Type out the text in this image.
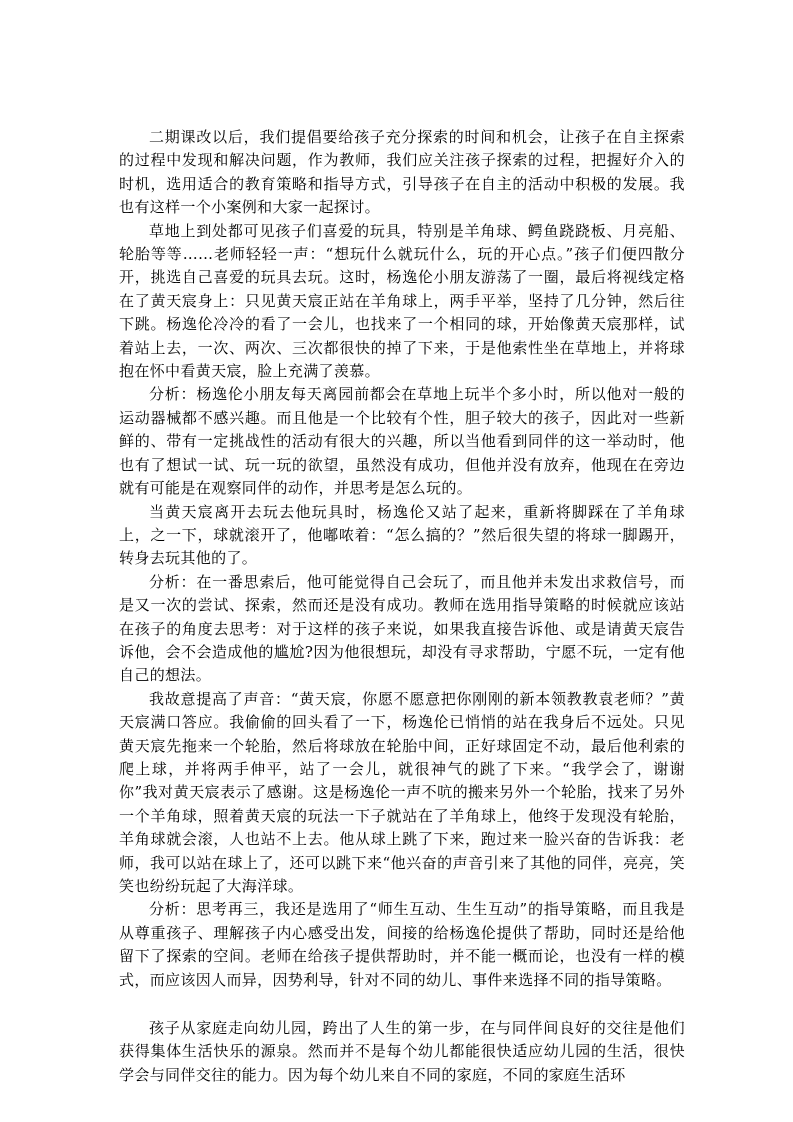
二期课改以后，我们提倡要给孩子充分探索的时间和机会，让孩子在自主探索的过程中发现和解决问题，作为教师，我们应关注孩子探索的过程，把握好介入的时机，选用适合的教育策略和指导方式，引导孩子在自主的活动中积极的发展。我也有这样一个小案例和大家一起探讨。

草地上到处都可见孩子们喜爱的玩具，特别是羊角球、鳄鱼跷跷板、月亮船、轮胎等等……老师轻轻一声：“想玩什么就玩什么，玩的开心点。”孩子们便四散分开，挑选自己喜爱的玩具去玩。这时，杨逸伦小朋友游荡了一圈，最后将视线定格在了黄天宸身上：只见黄天宸正站在羊角球上，两手平举，坚持了几分钟，然后往下跳。杨逸伦冷冷的看了一会儿，也找来了一个相同的球，开始像黄天宸那样，试着站上去，一次、两次、三次都很快的掉了下来，于是他索性坐在草地上，并将球抱在怀中看黄天宸，脸上充满了羡慕。

分析：杨逸伦小朋友每天离园前都会在草地上玩半个多小时，所以他对一般的运动器械都不感兴趣。而且他是一个比较有个性，胆子较大的孩子，因此对一些新鲜的、带有一定挑战性的活动有很大的兴趣，所以当他看到同伴的这一举动时，他也有了想试一试、玩一玩的欲望，虽然没有成功，但他并没有放弃，他现在在旁边就有可能是在观察同伴的动作，并思考是怎么玩的。

当黄天宸离开去玩去他玩具时，杨逸伦又站了起来，重新将脚踩在了羊角球上，之一下，球就滚开了，他嘟哝着：“怎么搞的？”然后很失望的将球一脚踢开，转身去玩其他的了。

分析：在一番思索后，他可能觉得自己会玩了，而且他并未发出求救信号，而是又一次的尝试、探索，然而还是没有成功。教师在选用指导策略的时候就应该站在孩子的角度去思考：对于这样的孩子来说，如果我直接告诉他、或是请黄天宸告诉他，会不会造成他的尴尬?因为他很想玩，却没有寻求帮助，宁愿不玩，一定有他自己的想法。

我故意提高了声音：“黄天宸，你愿不愿意把你刚刚的新本领教教袁老师？”黄天宸满口答应。我偷偷的回头看了一下，杨逸伦已悄悄的站在我身后不远处。只见黄天宸先拖来一个轮胎，然后将球放在轮胎中间，正好球固定不动，最后他利索的爬上球，并将两手伸平，站了一会儿，就很神气的跳了下来。“我学会了，谢谢你”我对黄天宸表示了感谢。这是杨逸伦一声不吭的搬来另外一个轮胎，找来了另外一个羊角球，照着黄天宸的玩法一下子就站在了羊角球上，他终于发现没有轮胎，羊角球就会滚，人也站不上去。他从球上跳了下来，跑过来一脸兴奋的告诉我：老师，我可以站在球上了，还可以跳下来“他兴奋的声音引来了其他的同伴，亮亮，笑笑也纷纷玩起了大海洋球。

分析：思考再三，我还是选用了“师生互动、生生互动”的指导策略，而且我是从尊重孩子、理解孩子内心感受出发，间接的给杨逸伦提供了帮助，同时还是给他留下了探索的空间。老师在给孩子提供帮助时，并不能一概而论，也没有一样的模式，而应该因人而异，因势利导，针对不同的幼儿、事件来选择不同的指导策略。

孩子从家庭走向幼儿园，跨出了人生的第一步，在与同伴间良好的交往是他们获得集体生活快乐的源泉。然而并不是每个幼儿都能很快适应幼儿园的生活，很快学会与同伴交往的能力。因为每个幼儿来自不同的家庭，不同的家庭生活环
